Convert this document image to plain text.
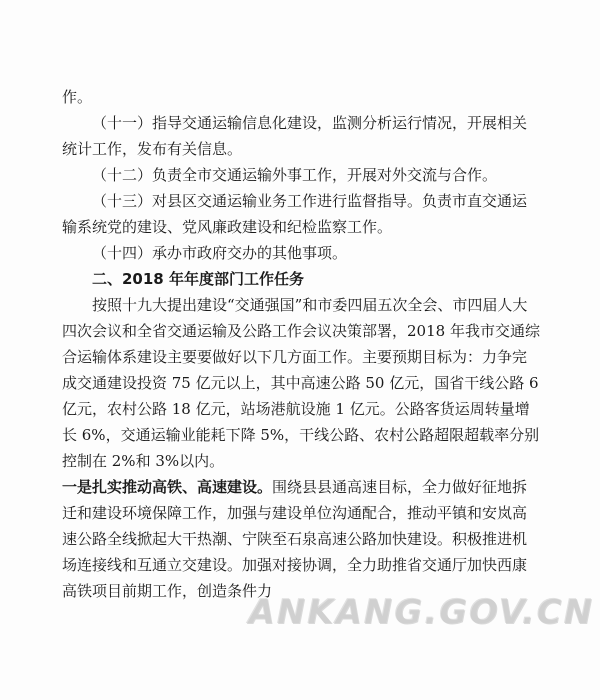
作。

（十一）指导交通运输信息化建设，监测分析运行情况，开展相关统计工作，发布有关信息。

（十二）负责全市交通运输外事工作，开展对外交流与合作。

（十三）对县区交通运输业务工作进行监督指导。负责市直交通运输系统党的建设、党风廉政建设和纪检监察工作。

（十四）承办市政府交办的其他事项。

二、2018 年年度部门工作任务

按照十九大提出建设“交通强国”和市委四届五次全会、市四届人大四次会议和全省交通运输及公路工作会议决策部署，2018 年我市交通综合运输体系建设主要要做好以下几方面工作。主要预期目标为：力争完成交通建设投资 75 亿元以上，其中高速公路 50 亿元，国省干线公路 6 亿元，农村公路 18 亿元，站场港航设施 1 亿元。公路客货运周转量增长 6%，交通运输业能耗下降 5%，干线公路、农村公路超限超载率分别控制在 2%和 3%以内。

一是扎实推动高铁、高速建设。围绕县县通高速目标，全力做好征地拆迁和建设环境保障工作，加强与建设单位沟通配合，推动平镇和安岚高速公路全线掀起大干热潮、宁陕至石泉高速公路加快建设。积极推进机场连接线和互通立交建设。加强对接协调，全力助推省交通厅加快西康高铁项目前期工作，创造条件力

ANKANG.GOV.CN
